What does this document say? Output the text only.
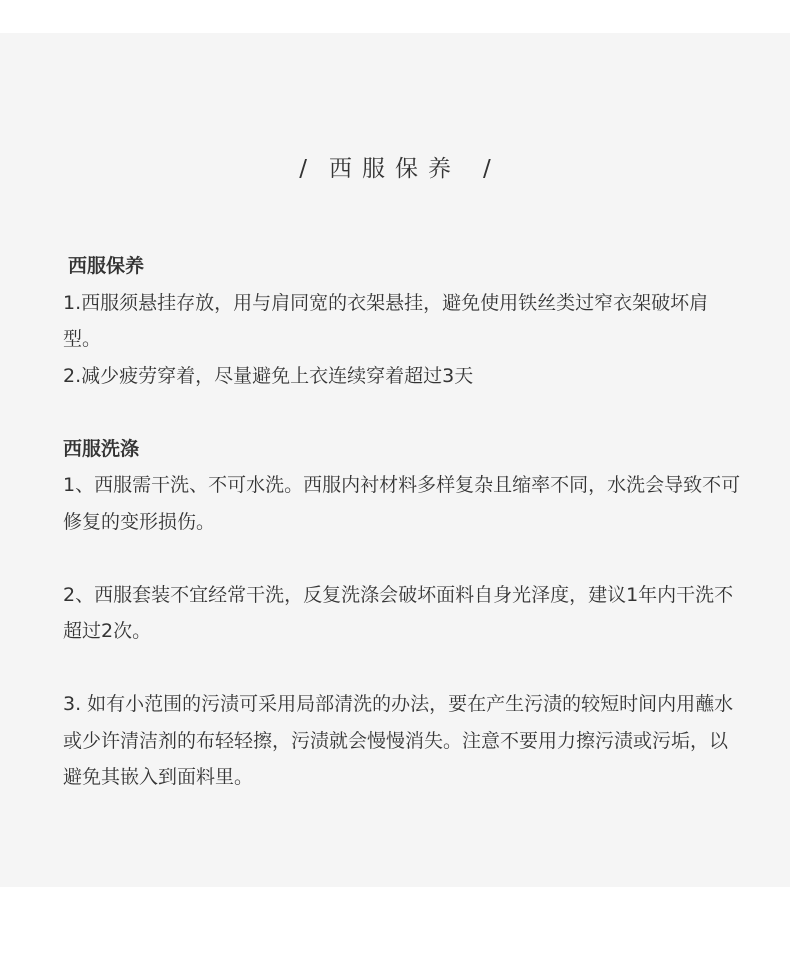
/ 西服保养 /

西服保养

1.西服须悬挂存放，用与肩同宽的衣架悬挂，避免使用铁丝类过窄衣架破坏肩型。

2.减少疲劳穿着，尽量避免上衣连续穿着超过3天

西服洗涤

1、西服需干洗、不可水洗。西服内衬材料多样复杂且缩率不同，水洗会导致不可修复的变形损伤。

2、西服套装不宜经常干洗，反复洗涤会破坏面料自身光泽度，建议1年内干洗不超过2次。

3. 如有小范围的污渍可采用局部清洗的办法，要在产生污渍的较短时间内用蘸水或少许清洁剂的布轻轻擦，污渍就会慢慢消失。注意不要用力擦污渍或污垢，以避免其嵌入到面料里。
